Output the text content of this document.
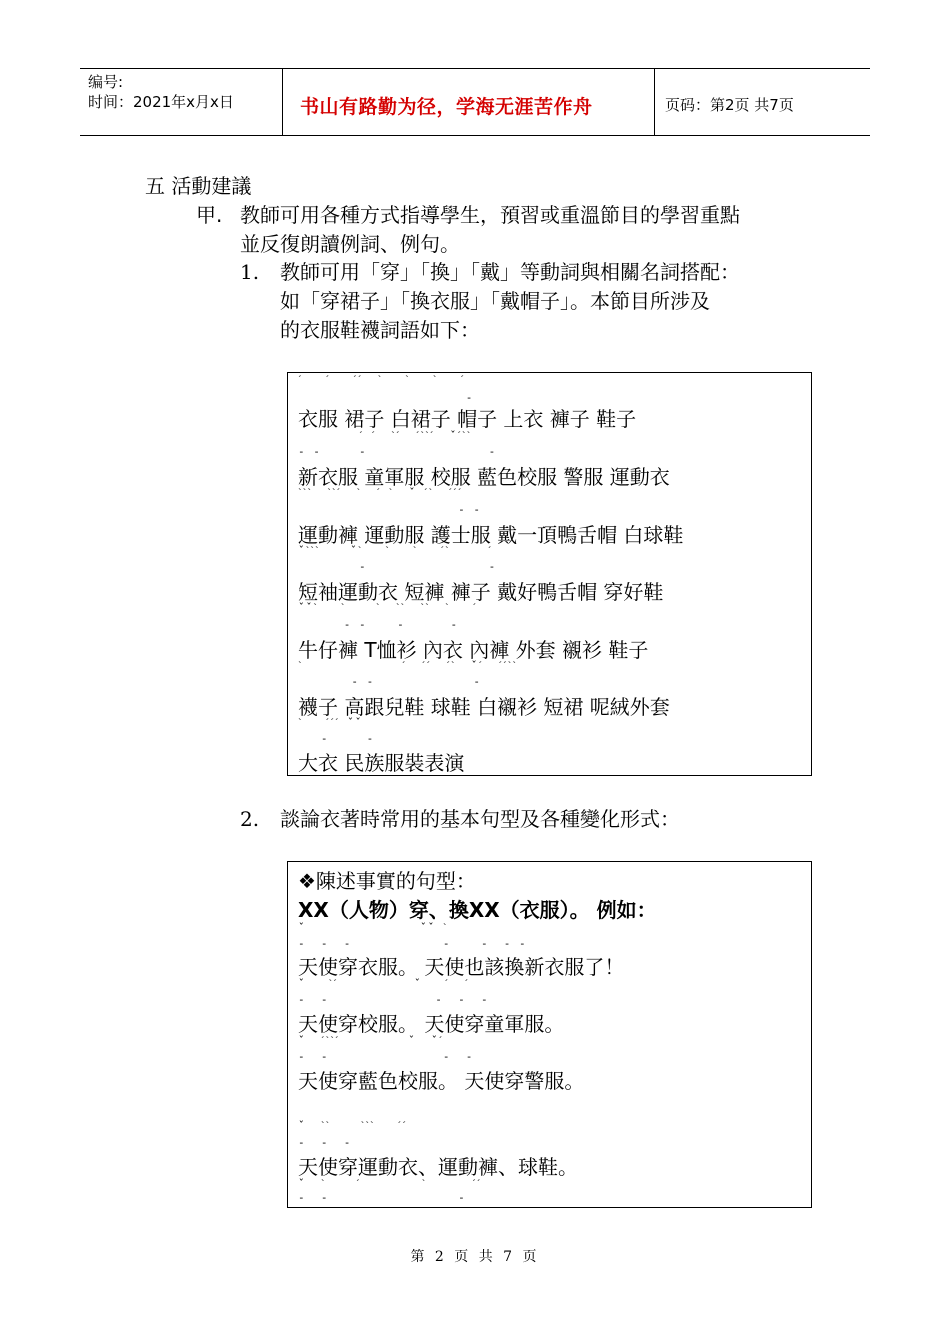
编号:
时间：2021年x月x日	书山有路勤为径，学海无涯苦作舟	页码：第2页 共7页
五 活動建議
甲. 教師可用各種方式指導學生，預習或重溫節目的學習重點
並反復朗讀例詞、例句。
1. 教師可用「穿」「換」「戴」等動詞與相關名詞搭配：
如「穿裙子」「換衣服」「戴帽子」。本節目所涉及
的衣服鞋襪詞語如下：
ˊ   ˊ   ˊˊ  ˋ   ˋ   ˋ   ˊ
-
衣服 裙子 白裙子 帽子 上衣 褲子 鞋子
ˊ ˊ  ˋˊ  ˊˋˋˊ  ˇˊˋˋ
- -     -                -
新衣服 童軍服 校服 藍色校服 警服 運動衣
ˋˋˋ  ˋˋˊ  ˋ  ˊ ˋ  ˇ ˊˋ  ˊˊˊ
- -
運動褲 運動服 護士服 戴一頂鴨舌帽 白球鞋
ˇˋˋˋ    ˇˋ   ˋ   ˋ   ˊˋ     ˊ
-                -
短袖運動衣 短褲 褲子 戴好鴨舌帽 穿好鞋
ˇˇˋ   ˋ    ˋ  ˋˋ  ˋˋ  ˋ   ˊ
- -    -      -
牛仔褲 T恤衫 內衣 內褲 外套 襯衫 鞋子
ˋ             ˊ  ˊˊ  ˊˋ  ˇˊ  ˊˊˋˋ
- -             -
襪子 高跟兒鞋 球鞋 白襯衫 短裙 呢絨外套
ˋ   ˊˊˊ ˇˇ
-     -
大衣 民族服裝表演
2. 談論衣著時常用的基本句型及各種變化形式：
❖陳述事實的句型：
XX（人物）穿、換XX（衣服）。 例如：
ˇ               ˇˇ ˋ
-  -  -            -    -  - -
天使穿衣服。 天使也該換新衣服了！
ˇ   ˋˊ          ˇ   ˊ  ˊ
-  -              -  -  -
天使穿校服。 天使穿童軍服。
ˇ  ˊˋˋˊ         ˇ  ˇˊ
-  -               -  -
天使穿藍色校服。 天使穿警服。
ˇ  ˋˋ    ˋˋˋ   ˊˊ
-  -  -
天使穿運動衣、運動褲、球鞋。
ˇ  ˋ    ˊ        ˋ      ˊˊ
-  -                 -
第 2 页 共 7 页
